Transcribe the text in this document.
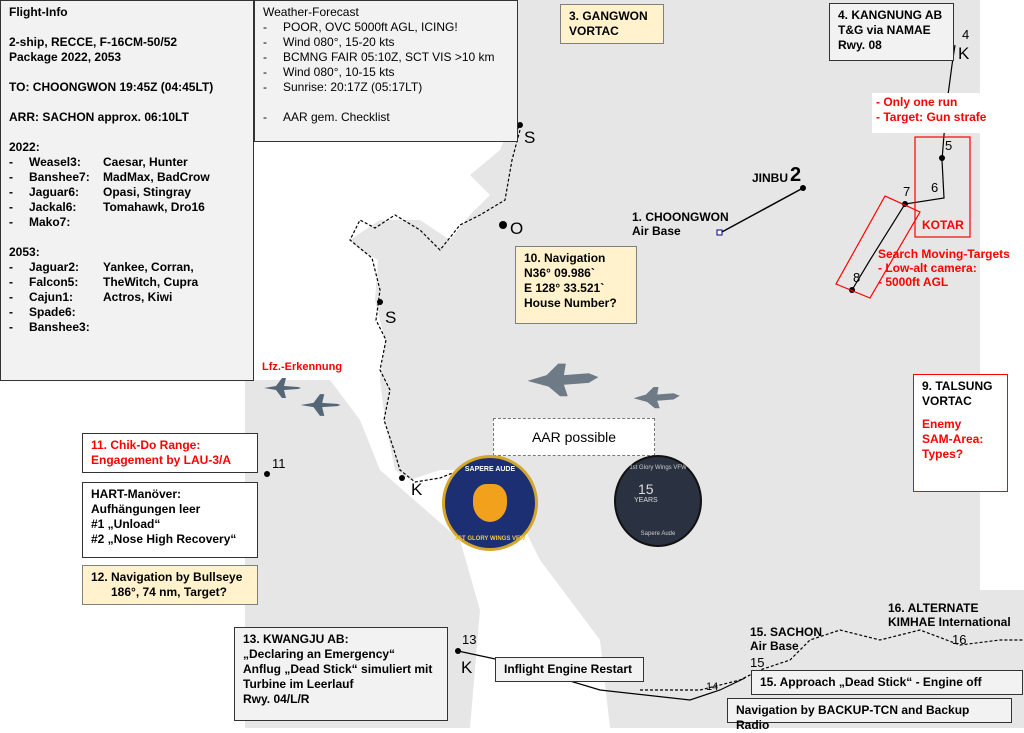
Flight-Info
2-ship, RECCE, F-16CM-50/52
Package 2022, 2053
TO: CHOONGWON 19:45Z (04:45LT)
ARR: SACHON approx. 06:10LT
2022:
-	Weasel3:	Caesar, Hunter
-	Banshee7:	MadMax, BadCrow
-	Jaguar6:	Opasi, Stingray
-	Jackal6:	Tomahawk, Dro16
-	Mako7:
2053:
-	Jaguar2:	Yankee, Corran,
-	Falcon5:	TheWitch, Cupra
-	Cajun1:	Actros, Kiwi
-	Spade6:
-	Banshee3:
Weather-Forecast
-	POOR, OVC 5000ft AGL, ICING!
-	Wind 080°, 15-20 kts
-	BCMNG FAIR 05:10Z, SCT VIS >10 km
-	Wind 080°, 10-15 kts
-	Sunrise: 20:17Z (05:17LT)
-	AAR gem. Checklist
3. GANGWON
VORTAC
4. KANGNUNG AB
T&G via NAMAE
Rwy. 08
- Only one run
- Target: Gun strafe
JINBU 2
1. CHOONGWON
Air Base	KOTAR
Search Moving-Targets
- Low-alt camera:
- 5000ft AGL
10. Navigation
N36° 09.986`
E 128° 33.521`
House Number?
9. TALSUNG
VORTAC
Enemy
SAM-Area:
Types?
Lfz.-Erkennung
AAR possible
SAPERE AUDE
1ST GLORY WINGS VFW
1st Glory Wings VFW
15
YEARS
Sapere Aude
11. Chik-Do Range:
Engagement by LAU-3/A
HART-Manöver:
Aufhängungen leer
#1 „Unload“
#2 „Nose High Recovery“
12. Navigation by Bullseye
186°, 74 nm, Target?
13. KWANGJU AB:
„Declaring an Emergency“
Anflug „Dead Stick“ simuliert mit
Turbine im Leerlauf
Rwy. 04/L/R
Inflight Engine Restart
15. SACHON
Air Base
16. ALTERNATE
KIMHAE International
15. Approach „Dead Stick“ - Engine off
Navigation by BACKUP-TCN and Backup Radio
4
5
6
7
8
11
13
14
15
16
S
O
S
K
K
K
